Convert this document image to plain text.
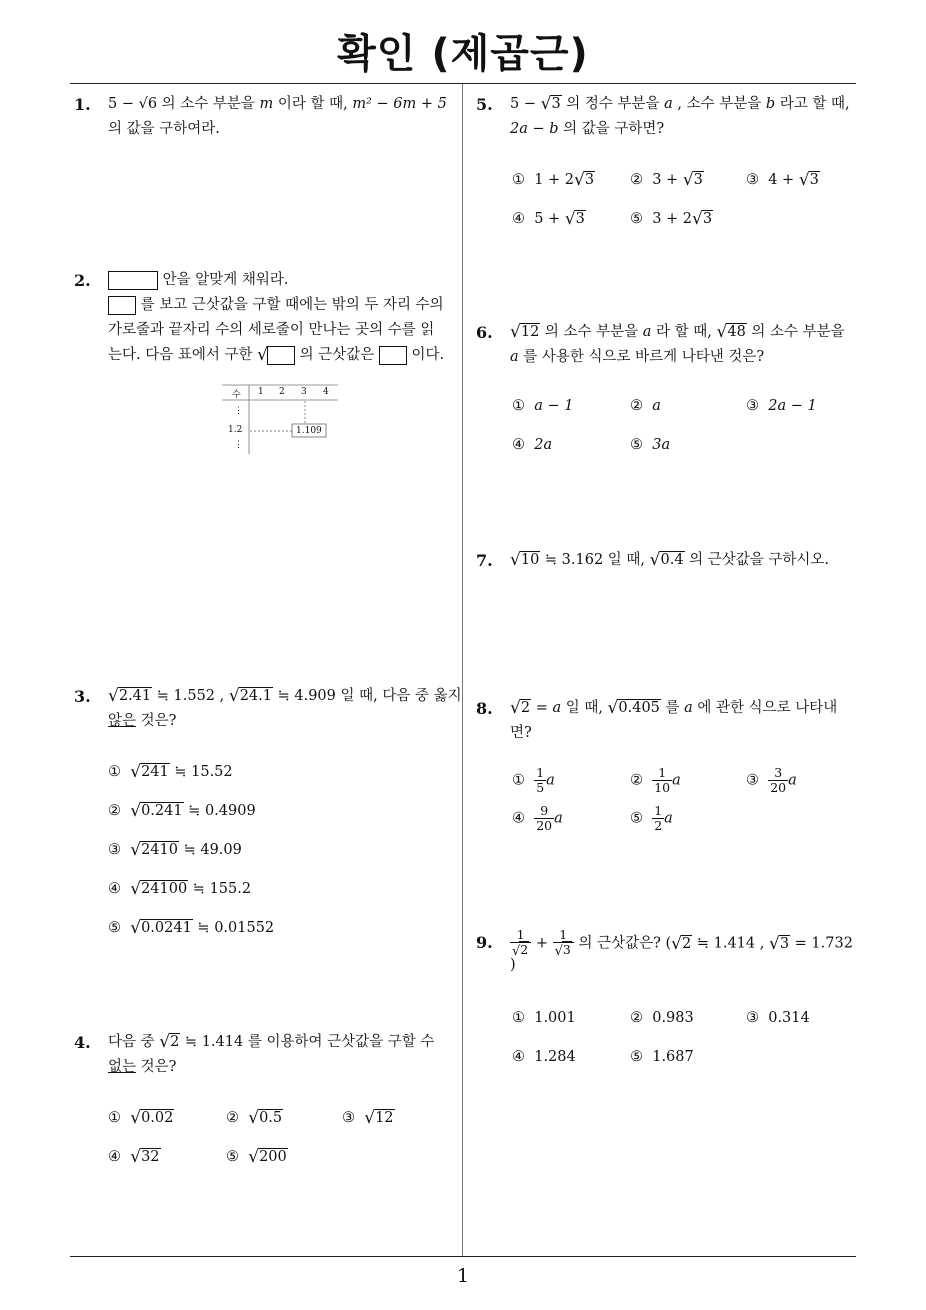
확인 (제곱근)
1
1. 5 − √6 의 소수 부분을 m 이라 할 때, m² − 6m + 5
의 값을 구하여라.
2.	안을 알맞게 채워라.
를 보고 근삿값을 구할 때에는 밖의 두 자리 수의
가로줄과 끝자리 수의 세로줄이 만나는 곳의 수를 읽
는다. 다음 표에서 구한 √ 의 근삿값은	이다.
수 1 2 3 4
⋮
1.2	1.109
⋮
3. √2.41 ≒ 1.552 , √24.1 ≒ 4.909 일 때, 다음 중 옳지
않은 것은?
① √241 ≒ 15.52
② √0.241 ≒ 0.4909
③ √2410 ≒ 49.09
④ √24100 ≒ 155.2
⑤ √0.0241 ≒ 0.01552
4. 다음 중 √2 ≒ 1.414 를 이용하여 근삿값을 구할 수
없는 것은?
① √0.02	② √0.5	③ √12
④ √32	⑤ √200
5. 5 − √3 의 정수 부분을 a , 소수 부분을 b 라고 할 때,
2a − b 의 값을 구하면?
① 1 + 2√3 ② 3 + √3	③ 4 + √3
④ 5 + √3	⑤ 3 + 2√3
6. √12 의 소수 부분을 a 라 할 때, √48 의 소수 부분을
a 를 사용한 식으로 바르게 나타낸 것은?
① a − 1	② a	③ 2a − 1
④ 2a	⑤ 3a
7. √10 ≒ 3.162 일 때, √0.4 의 근삿값을 구하시오.
8. √2 = a 일 때, √0.405 를 a 에 관한 식으로 나타내
면?
① $\frac{1}{5}$ a	② $\frac{1}{10}$ a	③ $\frac{3}{20}$ a
④ $\frac{9}{20}$ a	⑤ $\frac{1}{2}$ a
9. $\frac{1}{√2} + \frac{1}{√3}$ 의 근삿값은? (√2 ≒ 1.414 , √3 = 1.732
)
① 1.001	② 0.983	③ 0.314
④ 1.284	⑤ 1.687
